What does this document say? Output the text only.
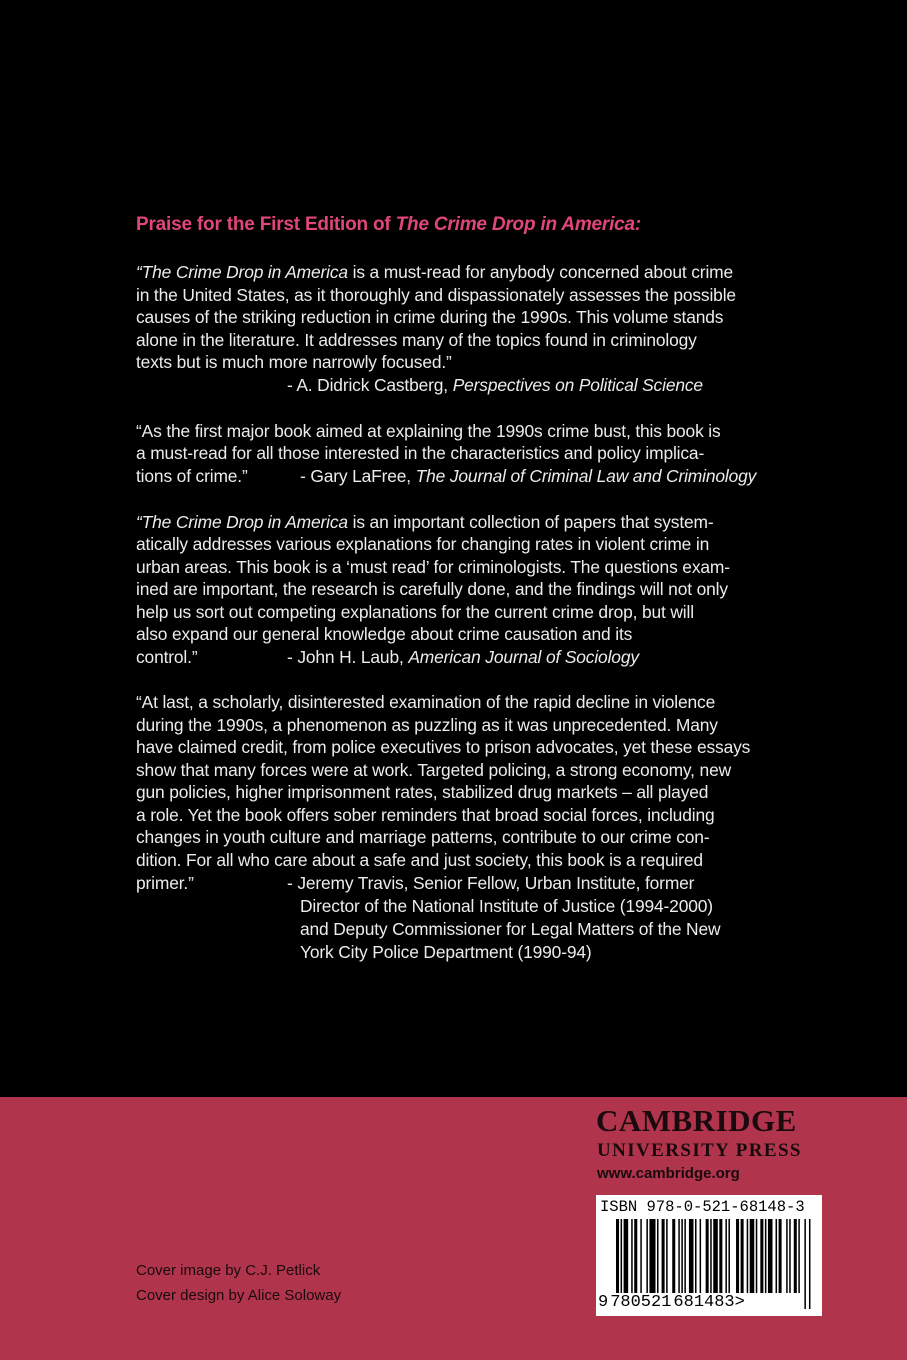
Praise for the First Edition of The Crime Drop in America:
“The Crime Drop in America is a must-read for anybody concerned about crime
in the United States, as it thoroughly and dispassionately assesses the possible
causes of the striking reduction in crime during the 1990s. This volume stands
alone in the literature. It addresses many of the topics found in criminology
texts but is much more narrowly focused.”
- A. Didrick Castberg, Perspectives on Political Science
“As the first major book aimed at explaining the 1990s crime bust, this book is
a must-read for all those interested in the characteristics and policy implica-
tions of crime.”	- Gary LaFree, The Journal of Criminal Law and Criminology
“The Crime Drop in America is an important collection of papers that system-
atically addresses various explanations for changing rates in violent crime in
urban areas. This book is a ‘must read’ for criminologists. The questions exam-
ined are important, the research is carefully done, and the findings will not only
help us sort out competing explanations for the current crime drop, but will
also expand our general knowledge about crime causation and its
control.”	- John H. Laub, American Journal of Sociology
“At last, a scholarly, disinterested examination of the rapid decline in violence
during the 1990s, a phenomenon as puzzling as it was unprecedented. Many
have claimed credit, from police executives to prison advocates, yet these essays
show that many forces were at work. Targeted policing, a strong economy, new
gun policies, higher imprisonment rates, stabilized drug markets – all played
a role. Yet the book offers sober reminders that broad social forces, including
changes in youth culture and marriage patterns, contribute to our crime con-
dition. For all who care about a safe and just society, this book is a required
primer.”	- Jeremy Travis, Senior Fellow, Urban Institute, former
Director of the National Institute of Justice (1994-2000)
and Deputy Commissioner for Legal Matters of the New
York City Police Department (1990-94)
CAMBRIDGE
UNIVERSITY PRESS
www.cambridge.org
ISBN 978-0-521-68148-3
9 780521 681483>
Cover image by C.J. Petlick
Cover design by Alice Soloway
